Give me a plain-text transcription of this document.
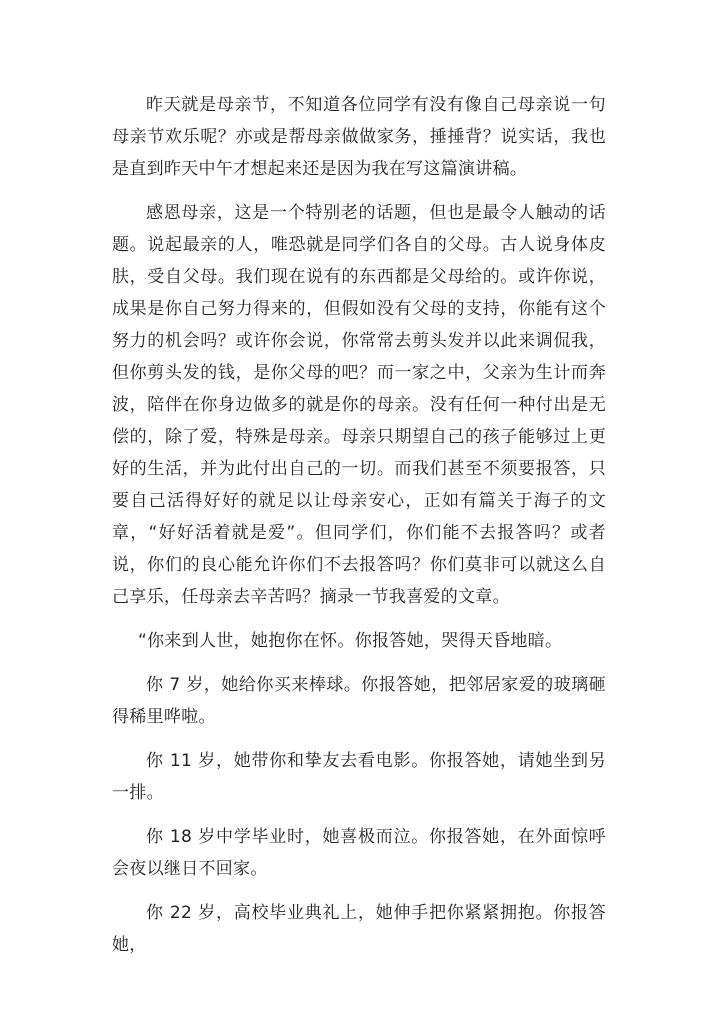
昨天就是母亲节，不知道各位同学有没有像自己母亲说一句母亲节欢乐呢？亦或是帮母亲做做家务，捶捶背？说实话，我也是直到昨天中午才想起来还是因为我在写这篇演讲稿。

感恩母亲，这是一个特别老的话题，但也是最令人触动的话题。说起最亲的人，唯恐就是同学们各自的父母。古人说身体皮肤，受自父母。我们现在说有的东西都是父母给的。或许你说，成果是你自己努力得来的，但假如没有父母的支持，你能有这个努力的机会吗？或许你会说，你常常去剪头发并以此来调侃我，但你剪头发的钱，是你父母的吧？而一家之中，父亲为生计而奔波，陪伴在你身边做多的就是你的母亲。没有任何一种付出是无偿的，除了爱，特殊是母亲。母亲只期望自己的孩子能够过上更好的生活，并为此付出自己的一切。而我们甚至不须要报答，只要自己活得好好的就足以让母亲安心，正如有篇关于海子的文章，“好好活着就是爱”。但同学们，你们能不去报答吗？或者说，你们的良心能允许你们不去报答吗？你们莫非可以就这么自己享乐，任母亲去辛苦吗？摘录一节我喜爱的文章。

“你来到人世，她抱你在怀。你报答她，哭得天昏地暗。

你 7 岁，她给你买来棒球。你报答她，把邻居家爱的玻璃砸得稀里哗啦。

你 11 岁，她带你和挚友去看电影。你报答她，请她坐到另一排。

你 18 岁中学毕业时，她喜极而泣。你报答她，在外面惊呼会夜以继日不回家。

你 22 岁，高校毕业典礼上，她伸手把你紧紧拥抱。你报答她，
